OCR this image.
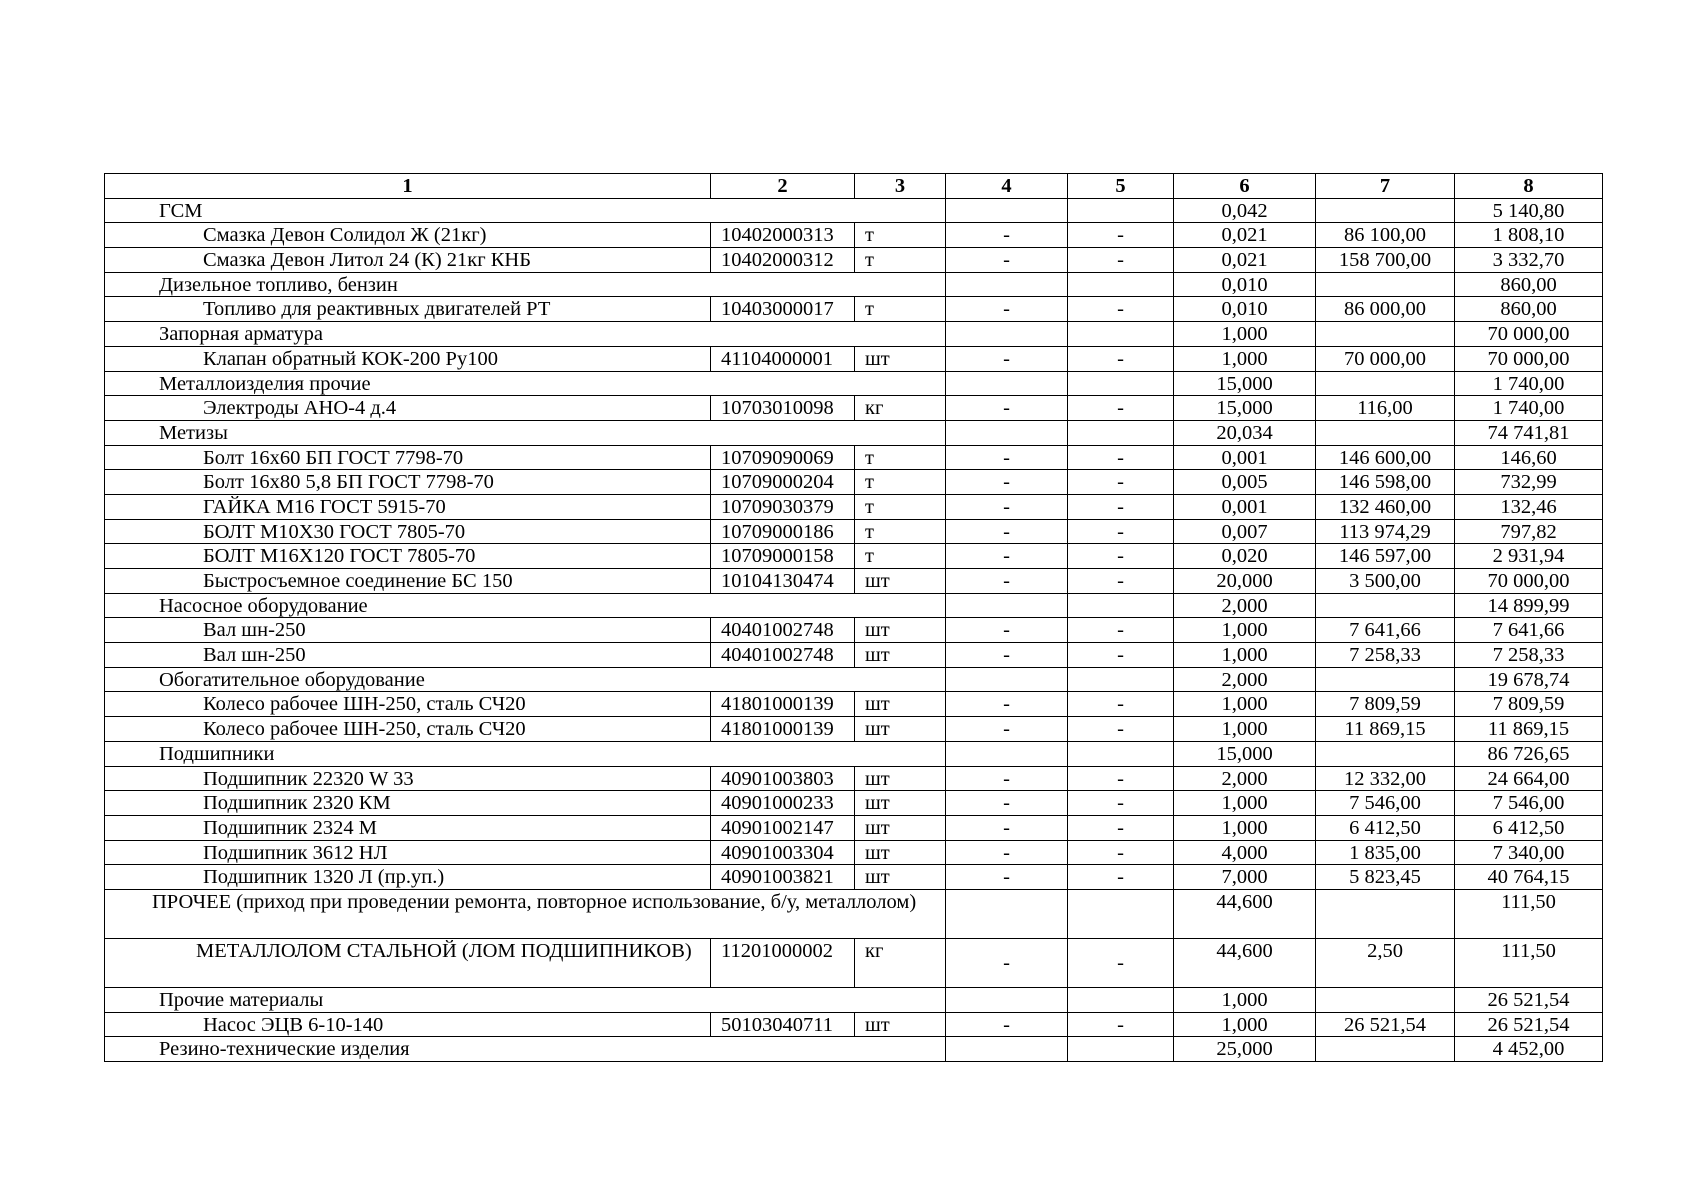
1	2	3	4	5	6	7	8
ГСМ					0,042		5 140,80
Смазка Девон Солидол Ж (21кг)	10402000313	т	-	-	0,021	86 100,00	1 808,10
Смазка Девон Литол 24 (К) 21кг КНБ	10402000312	т	-	-	0,021	158 700,00	3 332,70
Дизельное топливо, бензин					0,010		860,00
Топливо для реактивных двигателей РТ	10403000017	т	-	-	0,010	86 000,00	860,00
Запорная арматура					1,000		70 000,00
Клапан обратный КОК-200 Ру100	41104000001	шт	-	-	1,000	70 000,00	70 000,00
Металлоизделия прочие					15,000		1 740,00
Электроды АНО-4 д.4	10703010098	кг	-	-	15,000	116,00	1 740,00
Метизы					20,034		74 741,81
Болт 16х60 БП ГОСТ 7798-70	10709090069	т	-	-	0,001	146 600,00	146,60
Болт 16х80 5,8 БП ГОСТ 7798-70	10709000204	т	-	-	0,005	146 598,00	732,99
ГАЙКА М16 ГОСТ 5915-70	10709030379	т	-	-	0,001	132 460,00	132,46
БОЛТ М10Х30 ГОСТ 7805-70	10709000186	т	-	-	0,007	113 974,29	797,82
БОЛТ М16Х120 ГОСТ 7805-70	10709000158	т	-	-	0,020	146 597,00	2 931,94
Быстросъемное соединение БС 150	10104130474	шт	-	-	20,000	3 500,00	70 000,00
Насосное оборудование					2,000		14 899,99
Вал шн-250	40401002748	шт	-	-	1,000	7 641,66	7 641,66
Вал шн-250	40401002748	шт	-	-	1,000	7 258,33	7 258,33
Обогатительное оборудование					2,000		19 678,74
Колесо рабочее ШН-250, сталь СЧ20	41801000139	шт	-	-	1,000	7 809,59	7 809,59
Колесо рабочее ШН-250, сталь СЧ20	41801000139	шт	-	-	1,000	11 869,15	11 869,15
Подшипники					15,000		86 726,65
Подшипник 22320 W 33	40901003803	шт	-	-	2,000	12 332,00	24 664,00
Подшипник 2320 КМ	40901000233	шт	-	-	1,000	7 546,00	7 546,00
Подшипник 2324 М	40901002147	шт	-	-	1,000	6 412,50	6 412,50
Подшипник 3612 НЛ	40901003304	шт	-	-	4,000	1 835,00	7 340,00
Подшипник 1320 Л (пр.уп.)	40901003821	шт	-	-	7,000	5 823,45	40 764,15
ПРОЧЕЕ (приход при проведении ремонта, повторное использование, б/у, металлолом)					44,600		111,50
МЕТАЛЛОЛОМ СТАЛЬНОЙ (ЛОМ ПОДШИПНИКОВ)	11201000002	кг	-	-	44,600	2,50	111,50
Прочие материалы					1,000		26 521,54
Насос ЭЦВ 6-10-140	50103040711	шт	-	-	1,000	26 521,54	26 521,54
Резино-технические изделия					25,000		4 452,00
